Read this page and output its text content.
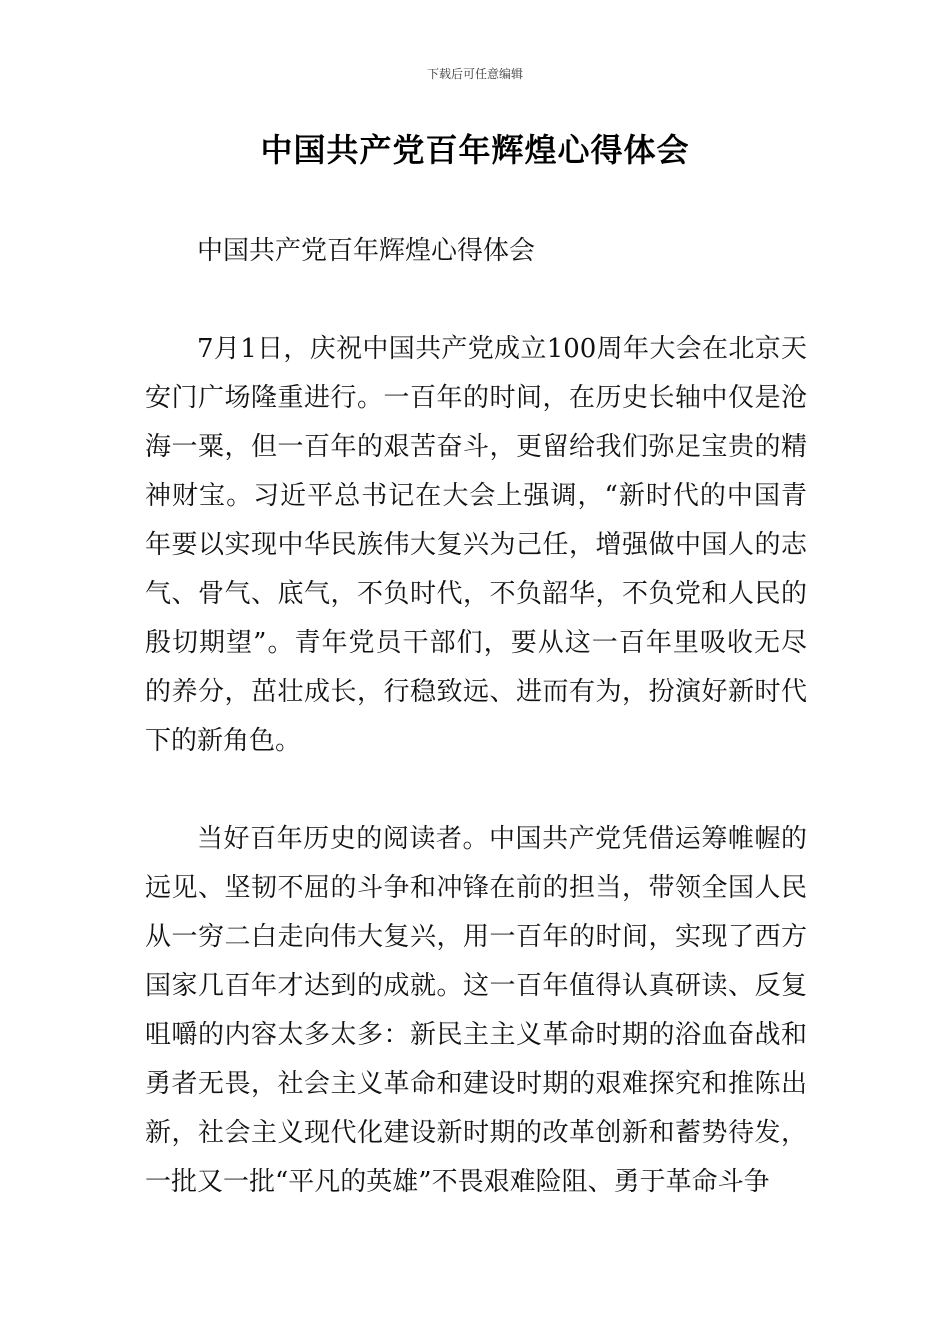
下载后可任意编辑
中国共产党百年辉煌心得体会

中国共产党百年辉煌心得体会

7月1日，庆祝中国共产党成立100周年大会在北京天安门广场隆重进行。一百年的时间，在历史长轴中仅是沧海一粟，但一百年的艰苦奋斗，更留给我们弥足宝贵的精神财宝。习近平总书记在大会上强调，“新时代的中国青年要以实现中华民族伟大复兴为己任，增强做中国人的志气、骨气、底气，不负时代，不负韶华，不负党和人民的殷切期望”。青年党员干部们，要从这一百年里吸收无尽的养分，茁壮成长，行稳致远、进而有为，扮演好新时代下的新角色。

当好百年历史的阅读者。中国共产党凭借运筹帷幄的远见、坚韧不屈的斗争和冲锋在前的担当，带领全国人民从一穷二白走向伟大复兴，用一百年的时间，实现了西方国家几百年才达到的成就。这一百年值得认真研读、反复咀嚼的内容太多太多：新民主主义革命时期的浴血奋战和勇者无畏，社会主义革命和建设时期的艰难探究和推陈出新，社会主义现代化建设新时期的改革创新和蓄势待发，一批又一批“平凡的英雄”不畏艰难险阻、勇于革命斗争
